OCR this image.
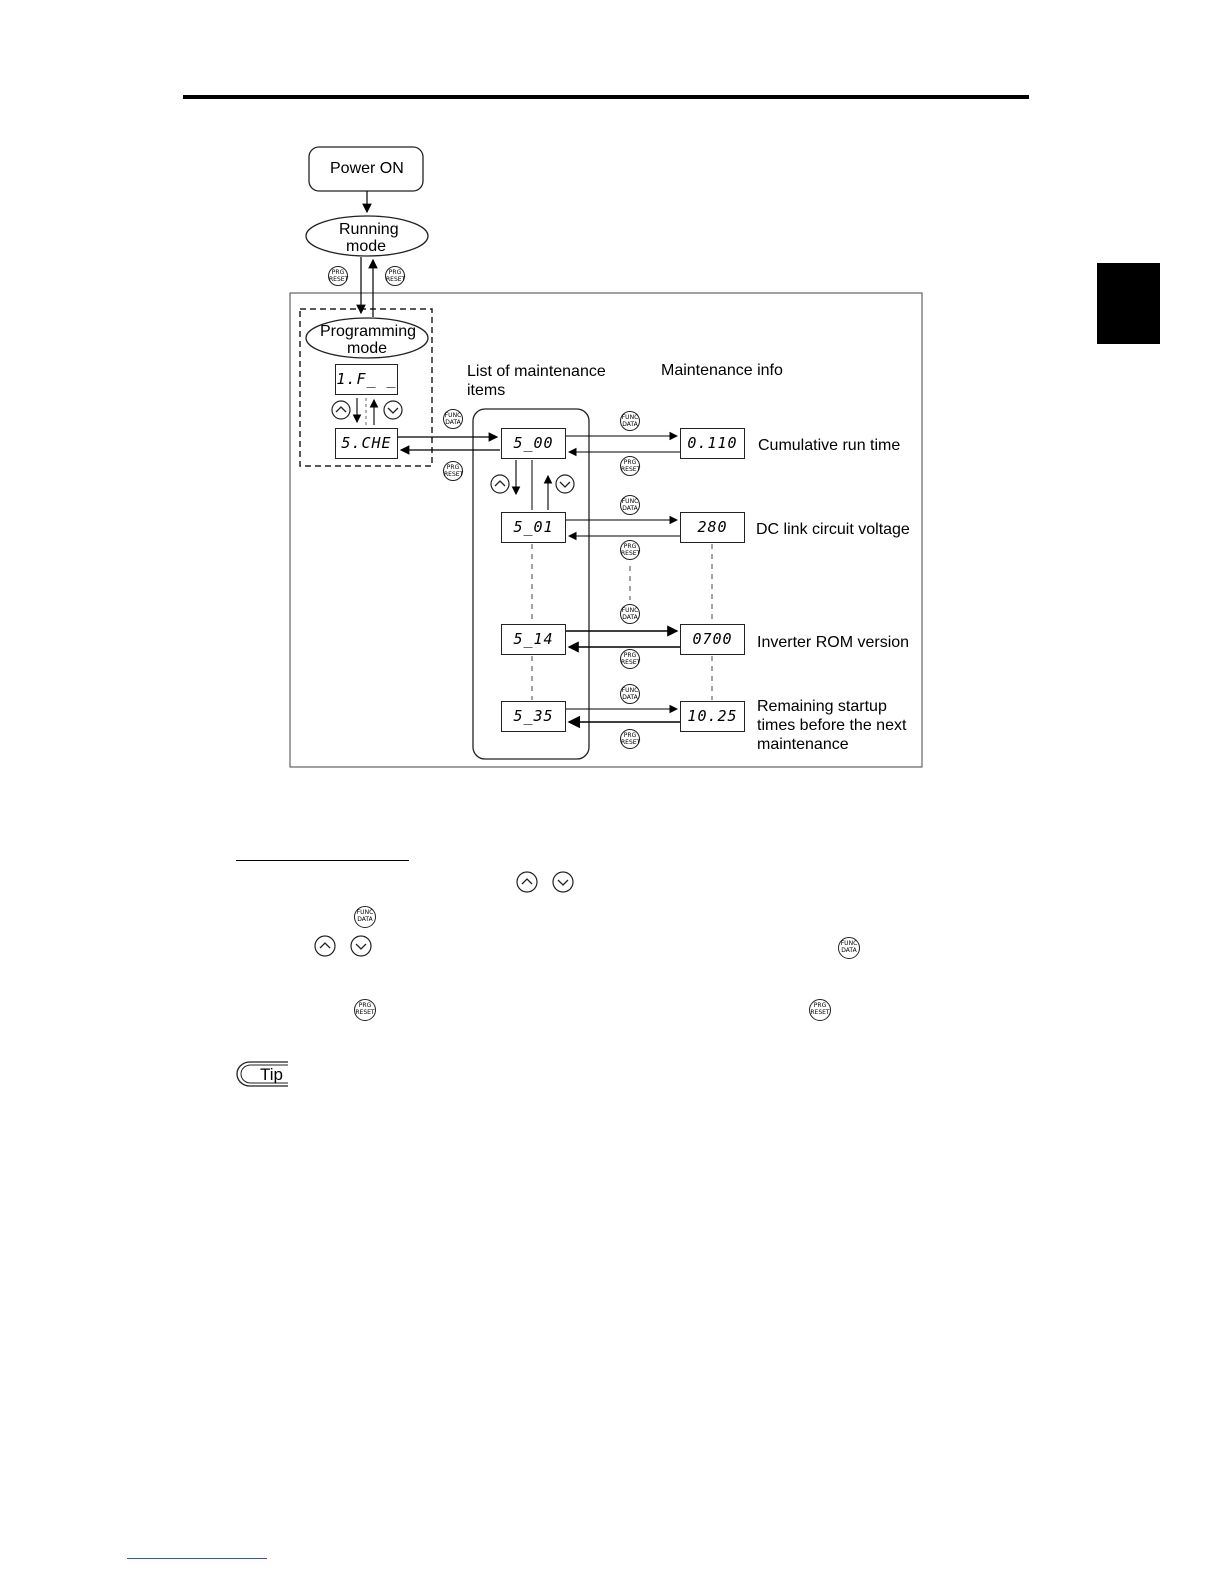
Power ON
Running
mode
Programming
mode
List of maintenance
items
Maintenance info
1.F_ _
5.CHE	5_00
5_01
5_14
5_35
0.110
280
0700
10.25
Cumulative run time
DC link circuit voltage
Inverter ROM version
Remaining startup
times before the next
maintenance
PRG
RESET
PRG
RESET
PRG
RESET
PRG
RESET
PRG
RESET
PRG
RESET
PRG
RESET
FUNC
DATA
FUNC
DATA
FUNC
DATA
FUNC
DATA
FUNC
DATA
FUNC
DATA
FUNC
DATA
PRG
RESET
PRG
RESET
Tip
